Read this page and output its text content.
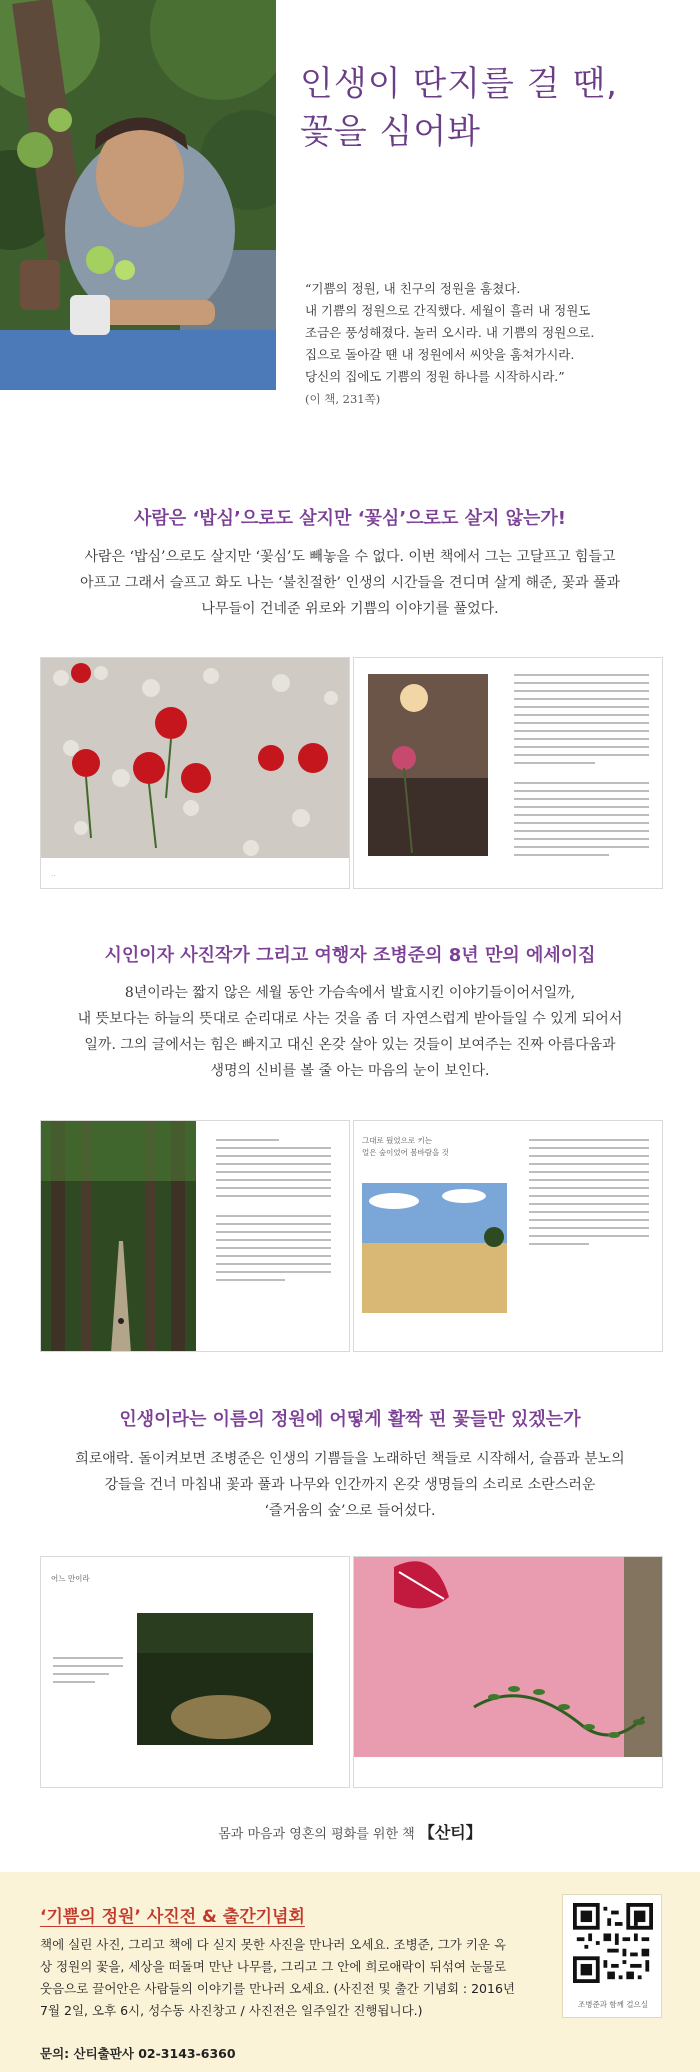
인생이 딴지를 걸 땐,
꽃을 심어봐

“기쁨의 정원, 내 친구의 정원을 훔쳤다.

내 기쁨의 정원으로 간직했다. 세월이 흘러 내 정원도

조금은 풍성해졌다. 놀러 오시라. 내 기쁨의 정원으로.

집으로 돌아갈 땐 내 정원에서 씨앗을 훔쳐가시라.

당신의 집에도 기쁨의 정원 하나를 시작하시라.”

(이 책, 231쪽)

사람은 ‘밥심’으로도 살지만 ‘꽃심’으로도 살지 않는가!

사람은 ‘밥심’으로도 살지만 ‘꽃심’도 빼놓을 수 없다. 이번 책에서 그는 고달프고 힘들고

아프고 그래서 슬프고 화도 나는 ‘불친절한’ 인생의 시간들을 견디며 살게 해준, 꽃과 풀과

나무들이 건네준 위로와 기쁨의 이야기를 풀었다.

··
시인이자 사진작가 그리고 여행자 조병준의 8년 만의 에세이집

8년이라는 짧지 않은 세월 동안 가슴속에서 발효시킨 이야기들이어서일까,

내 뜻보다는 하늘의 뜻대로 순리대로 사는 것을 좀 더 자연스럽게 받아들일 수 있게 되어서

일까. 그의 글에서는 힘은 빠지고 대신 온갖 살아 있는 것들이 보여주는 진짜 아름다움과

생명의 신비를 볼 줄 아는 마음의 눈이 보인다.

그대로 뒀었으로 키는
얼은 숲이었어 봄바람을 것
인생이라는 이름의 정원에 어떻게 활짝 핀 꽃들만 있겠는가

희로애락. 돌이켜보면 조병준은 인생의 기쁨들을 노래하던 책들로 시작해서, 슬픔과 분노의

강들을 건너 마침내 꽃과 풀과 나무와 인간까지 온갖 생명들의 소리로 소란스러운

‘즐거움의 숲’으로 들어섰다.

어느 만이라
몸과 마음과 영혼의 평화를 위한 책 【산티】
‘기쁨의 정원’ 사진전 & 출간기념회

책에 실린 사진, 그리고 책에 다 싣지 못한 사진을 만나러 오세요. 조병준, 그가 키운 옥

상 정원의 꽃을, 세상을 떠돌며 만난 나무를, 그리고 그 안에 희로애락이 뒤섞여 눈물로

웃음으로 끌어안은 사람들의 이야기를 만나러 오세요. (사진전 및 출간 기념회 : 2016년

7월 2일, 오후 6시, 성수동 사진창고 / 사진전은 일주일간 진행됩니다.)

문의: 산티출판사 02-3143-6360
조병준과 함께 걸으실
